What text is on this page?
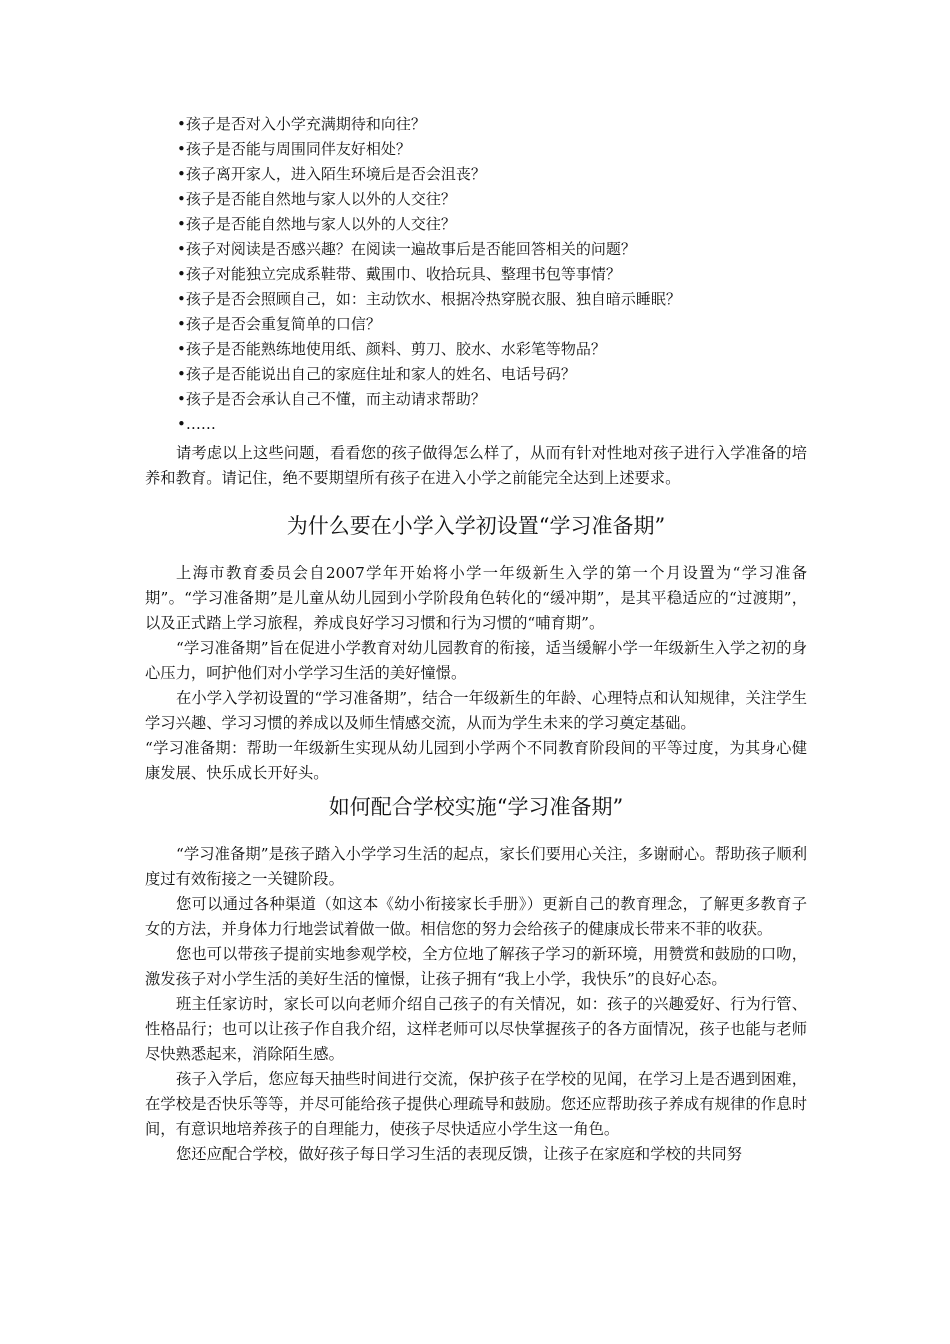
•孩子是否对入小学充满期待和向往？
•孩子是否能与周围同伴友好相处？
•孩子离开家人，进入陌生环境后是否会沮丧？
•孩子是否能自然地与家人以外的人交往？
•孩子是否能自然地与家人以外的人交往？
•孩子对阅读是否感兴趣？在阅读一遍故事后是否能回答相关的问题？
•孩子对能独立完成系鞋带、戴围巾、收拾玩具、整理书包等事情？
•孩子是否会照顾自己，如：主动饮水、根据冷热穿脱衣服、独自暗示睡眠？
•孩子是否会重复简单的口信？
•孩子是否能熟练地使用纸、颜料、剪刀、胶水、水彩笔等物品？
•孩子是否能说出自己的家庭住址和家人的姓名、电话号码？
•孩子是否会承认自己不懂，而主动请求帮助？
•……

请考虑以上这些问题，看看您的孩子做得怎么样了，从而有针对性地对孩子进行入学准备的培养和教育。请记住，绝不要期望所有孩子在进入小学之前能完全达到上述要求。

为什么要在小学入学初设置“学习准备期”

上海市教育委员会自2007学年开始将小学一年级新生入学的第一个月设置为“学习准备期”。“学习准备期”是儿童从幼儿园到小学阶段角色转化的“缓冲期”，是其平稳适应的“过渡期”，以及正式踏上学习旅程，养成良好学习习惯和行为习惯的“哺育期”。

“学习准备期”旨在促进小学教育对幼儿园教育的衔接，适当缓解小学一年级新生入学之初的身心压力，呵护他们对小学学习生活的美好憧憬。

在小学入学初设置的“学习准备期”，结合一年级新生的年龄、心理特点和认知规律，关注学生学习兴趣、学习习惯的养成以及师生情感交流，从而为学生未来的学习奠定基础。

“学习准备期：帮助一年级新生实现从幼儿园到小学两个不同教育阶段间的平等过度，为其身心健康发展、快乐成长开好头。

如何配合学校实施“学习准备期”

“学习准备期”是孩子踏入小学学习生活的起点，家长们要用心关注，多谢耐心。帮助孩子顺利度过有效衔接之一关键阶段。

您可以通过各种渠道（如这本《幼小衔接家长手册》）更新自己的教育理念，了解更多教育子女的方法，并身体力行地尝试着做一做。相信您的努力会给孩子的健康成长带来不菲的收获。

您也可以带孩子提前实地参观学校，全方位地了解孩子学习的新环境，用赞赏和鼓励的口吻，激发孩子对小学生活的美好生活的憧憬，让孩子拥有“我上小学，我快乐”的良好心态。

班主任家访时，家长可以向老师介绍自己孩子的有关情况，如：孩子的兴趣爱好、行为行管、性格品行；也可以让孩子作自我介绍，这样老师可以尽快掌握孩子的各方面情况，孩子也能与老师尽快熟悉起来，消除陌生感。

孩子入学后，您应每天抽些时间进行交流，保护孩子在学校的见闻，在学习上是否遇到困难，在学校是否快乐等等，并尽可能给孩子提供心理疏导和鼓励。您还应帮助孩子养成有规律的作息时间，有意识地培养孩子的自理能力，使孩子尽快适应小学生这一角色。

您还应配合学校，做好孩子每日学习生活的表现反馈，让孩子在家庭和学校的共同努
